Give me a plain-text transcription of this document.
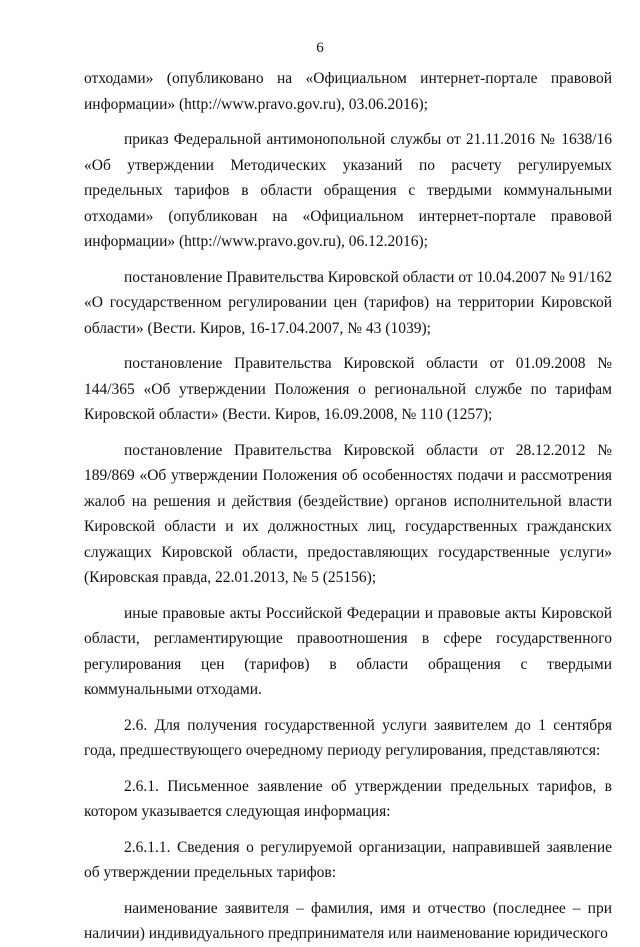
6

отходами» (опубликовано на «Официальном интернет-портале правовой информации» (http://www.pravo.gov.ru), 03.06.2016);

приказ Федеральной антимонопольной службы от 21.11.2016 № 1638/16 «Об утверждении Методических указаний по расчету регулируемых предельных тарифов в области обращения с твердыми коммунальными отходами» (опубликован на «Официальном интернет-портале правовой информации» (http://www.pravo.gov.ru), 06.12.2016);

постановление Правительства Кировской области от 10.04.2007 № 91/162 «О государственном регулировании цен (тарифов) на территории Кировской области» (Вести. Киров, 16-17.04.2007, № 43 (1039);

постановление Правительства Кировской области от 01.09.2008 № 144/365 «Об утверждении Положения о региональной службе по тарифам Кировской области» (Вести. Киров, 16.09.2008, № 110 (1257);

постановление Правительства Кировской области от 28.12.2012 № 189/869 «Об утверждении Положения об особенностях подачи и рассмотрения жалоб на решения и действия (бездействие) органов исполнительной власти Кировской области и их должностных лиц, государственных гражданских служащих Кировской области, предоставляющих государственные услуги» (Кировская правда, 22.01.2013, № 5 (25156);

иные правовые акты Российской Федерации и правовые акты Кировской области, регламентирующие правоотношения в сфере государственного регулирования цен (тарифов) в области обращения с твердыми коммунальными отходами.

2.6. Для получения государственной услуги заявителем до 1 сентября года, предшествующего очередному периоду регулирования, представляются:

2.6.1. Письменное заявление об утверждении предельных тарифов, в котором указывается следующая информация:

2.6.1.1. Сведения о регулируемой организации, направившей заявление об утверждении предельных тарифов:

наименование заявителя – фамилия, имя и отчество (последнее – при наличии) индивидуального предпринимателя или наименование юридического
